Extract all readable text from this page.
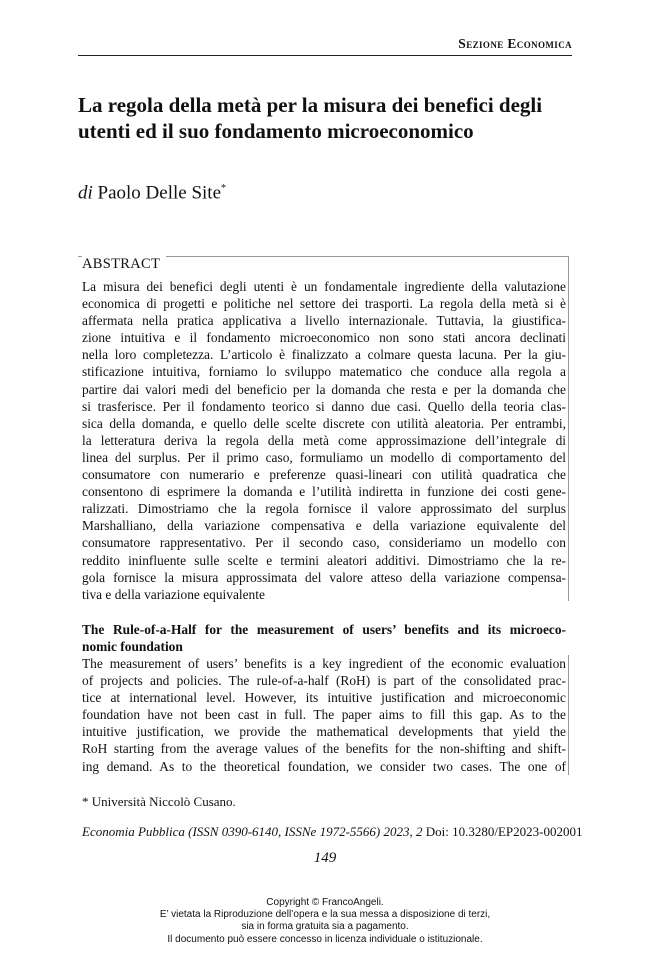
Sezione Economica
La regola della metà per la misura dei benefici degli utenti ed il suo fondamento microeconomico
di Paolo Delle Site*
ABSTRACT
La misura dei benefici degli utenti è un fondamentale ingrediente della valutazione
economica di progetti e politiche nel settore dei trasporti. La regola della metà si è
affermata nella pratica applicativa a livello internazionale. Tuttavia, la giustifica-
zione intuitiva e il fondamento microeconomico non sono stati ancora declinati
nella loro completezza. L’articolo è finalizzato a colmare questa lacuna. Per la giu-
stificazione intuitiva, forniamo lo sviluppo matematico che conduce alla regola a
partire dai valori medi del beneficio per la domanda che resta e per la domanda che
si trasferisce. Per il fondamento teorico si danno due casi. Quello della teoria clas-
sica della domanda, e quello delle scelte discrete con utilità aleatoria. Per entrambi,
la letteratura deriva la regola della metà come approssimazione dell’integrale di
linea del surplus. Per il primo caso, formuliamo un modello di comportamento del
consumatore con numerario e preferenze quasi-lineari con utilità quadratica che
consentono di esprimere la domanda e l’utilità indiretta in funzione dei costi gene-
ralizzati. Dimostriamo che la regola fornisce il valore approssimato del surplus
Marshalliano, della variazione compensativa e della variazione equivalente del
consumatore rappresentativo. Per il secondo caso, consideriamo un modello con
reddito ininfluente sulle scelte e termini aleatori additivi. Dimostriamo che la re-
gola fornisce la misura approssimata del valore atteso della variazione compensa-
tiva e della variazione equivalente
The Rule-of-a-Half for the measurement of users’ benefits and its microeco-
nomic foundation
The measurement of users’ benefits is a key ingredient of the economic evaluation
of projects and policies. The rule-of-a-half (RoH) is part of the consolidated prac-
tice at international level. However, its intuitive justification and microeconomic
foundation have not been cast in full. The paper aims to fill this gap. As to the
intuitive justification, we provide the mathematical developments that yield the
RoH starting from the average values of the benefits for the non-shifting and shift-
ing demand. As to the theoretical foundation, we consider two cases. The one of
* Università Niccolò Cusano.
Economia Pubblica (ISSN 0390-6140, ISSNe 1972-5566) 2023, 2 Doi: 10.3280/EP2023-002001
149
Copyright © FrancoAngeli.
E’ vietata la Riproduzione dell’opera e la sua messa a disposizione di terzi,
sia in forma gratuita sia a pagamento.
Il documento può essere concesso in licenza individuale o istituzionale.
